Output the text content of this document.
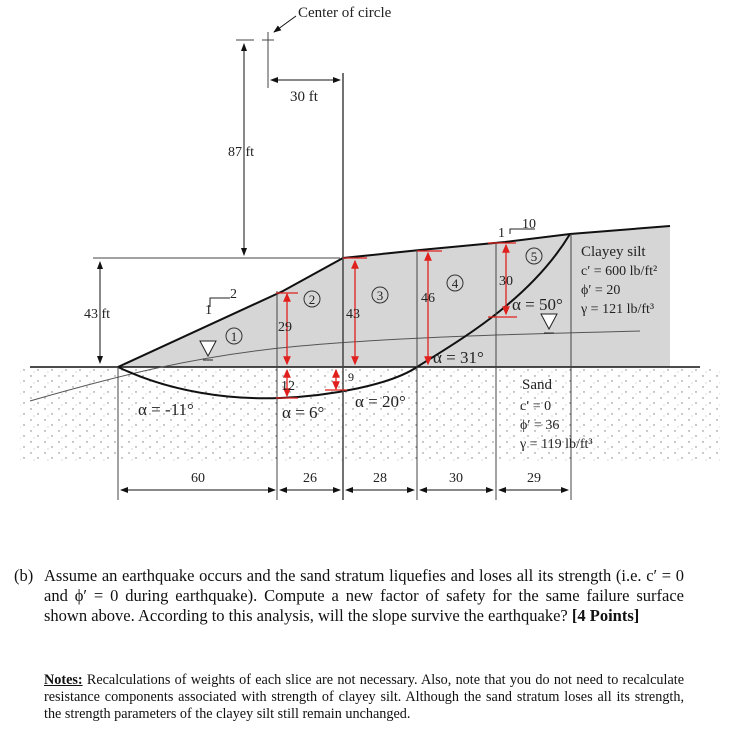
1
2	3
4
5
Center of circle
30 ft
87 ft
43 ft	1
2
1
10
29
12
43
9
46
30
α = -11°	α = 6°
α = 20°
α = 31°
α = 50°
60	26	28	30	29
Clayey silt
c′ = 600 lb/ft²
ϕ′ = 20
γ = 121 lb/ft³
Sand
c′ = 0
ϕ′ = 36
γ = 119 lb/ft³
(b) Assume an earthquake occurs and the sand stratum liquefies and loses all its strength (i.e. c′ = 0 and ϕ′ = 0 during earthquake). Compute a new factor of safety for the same failure surface shown above. According to this analysis, will the slope survive the earthquake? [4 Points]
Notes: Recalculations of weights of each slice are not necessary. Also, note that you do not need to recalculate resistance components associated with strength of clayey silt. Although the sand stratum loses all its strength, the strength parameters of the clayey silt still remain unchanged.
